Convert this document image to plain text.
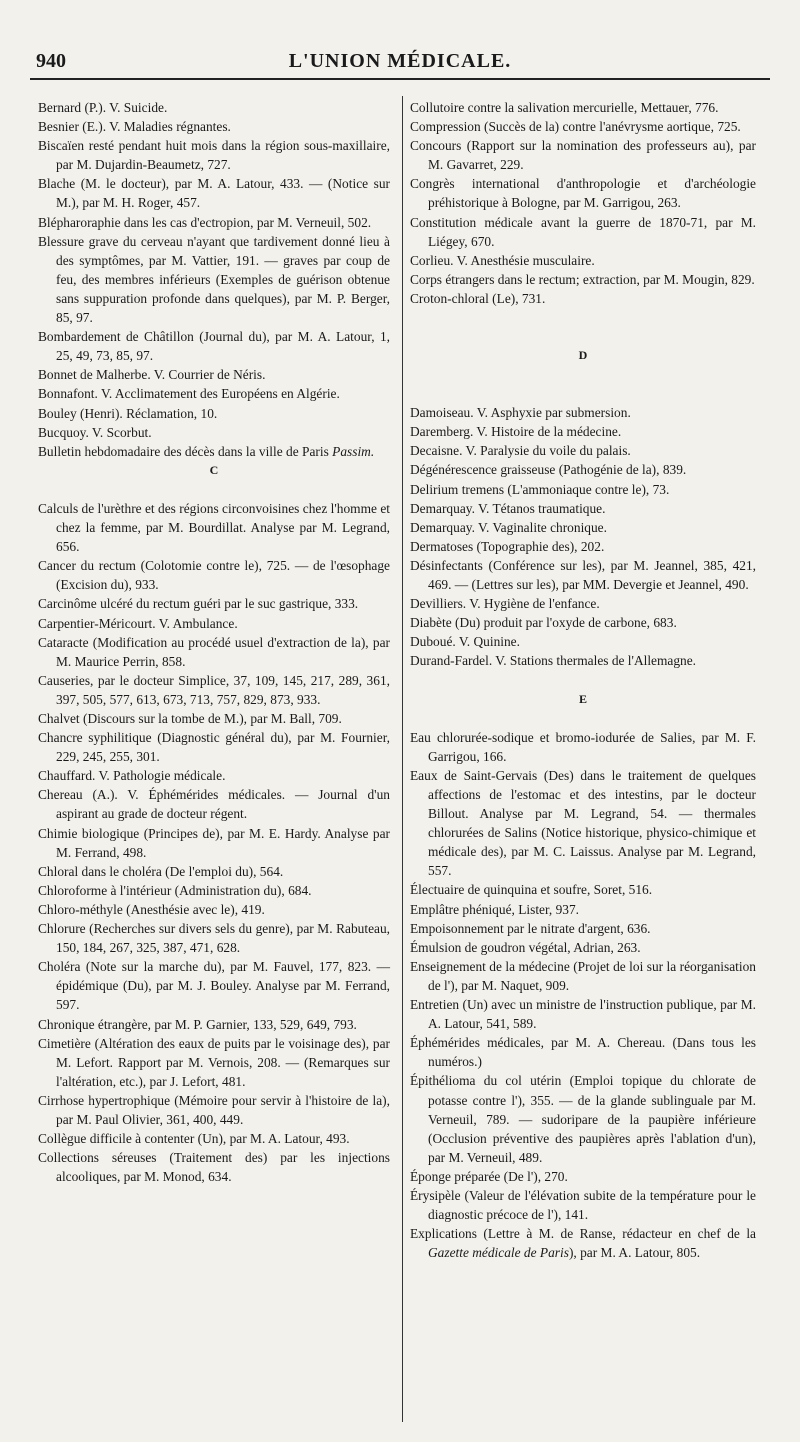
940	L'UNION MÉDICALE.

Bernard (P.). V. Suicide.

Besnier (E.). V. Maladies régnantes.

Biscaïen resté pendant huit mois dans la région sous-maxillaire, par M. Dujardin-Beaumetz, 727.

Blache (M. le docteur), par M. A. Latour, 433. — (Notice sur M.), par M. H. Roger, 457.

Blépharoraphie dans les cas d'ectropion, par M. Verneuil, 502.

Blessure grave du cerveau n'ayant que tardivement donné lieu à des symptômes, par M. Vattier, 191. — graves par coup de feu, des membres inférieurs (Exemples de guérison obtenue sans suppuration profonde dans quelques), par M. P. Berger, 85, 97.

Bombardement de Châtillon (Journal du), par M. A. Latour, 1, 25, 49, 73, 85, 97.

Bonnet de Malherbe. V. Courrier de Néris.

Bonnafont. V. Acclimatement des Européens en Algérie.

Bouley (Henri). Réclamation, 10.

Bucquoy. V. Scorbut.

Bulletin hebdomadaire des décès dans la ville de Paris Passim.

C

Calculs de l'urèthre et des régions circonvoisines chez l'homme et chez la femme, par M. Bourdillat. Analyse par M. Legrand, 656.

Cancer du rectum (Colotomie contre le), 725. — de l'œsophage (Excision du), 933.

Carcinôme ulcéré du rectum guéri par le suc gastrique, 333.

Carpentier-Méricourt. V. Ambulance.

Cataracte (Modification au procédé usuel d'extraction de la), par M. Maurice Perrin, 858.

Causeries, par le docteur Simplice, 37, 109, 145, 217, 289, 361, 397, 505, 577, 613, 673, 713, 757, 829, 873, 933.

Chalvet (Discours sur la tombe de M.), par M. Ball, 709.

Chancre syphilitique (Diagnostic général du), par M. Fournier, 229, 245, 255, 301.

Chauffard. V. Pathologie médicale.

Chereau (A.). V. Éphémérides médicales. — Journal d'un aspirant au grade de docteur régent.

Chimie biologique (Principes de), par M. E. Hardy. Analyse par M. Ferrand, 498.

Chloral dans le choléra (De l'emploi du), 564.

Chloroforme à l'intérieur (Administration du), 684.

Chloro-méthyle (Anesthésie avec le), 419.

Chlorure (Recherches sur divers sels du genre), par M. Rabuteau, 150, 184, 267, 325, 387, 471, 628.

Choléra (Note sur la marche du), par M. Fauvel, 177, 823. — épidémique (Du), par M. J. Bouley. Analyse par M. Ferrand, 597.

Chronique étrangère, par M. P. Garnier, 133, 529, 649, 793.

Cimetière (Altération des eaux de puits par le voisinage des), par M. Lefort. Rapport par M. Vernois, 208. — (Remarques sur l'altération, etc.), par J. Lefort, 481.

Cirrhose hypertrophique (Mémoire pour servir à l'histoire de la), par M. Paul Olivier, 361, 400, 449.

Collègue difficile à contenter (Un), par M. A. Latour, 493.

Collections séreuses (Traitement des) par les injections alcooliques, par M. Monod, 634.

Collutoire contre la salivation mercurielle, Mettauer, 776.

Compression (Succès de la) contre l'anévrysme aortique, 725.

Concours (Rapport sur la nomination des professeurs au), par M. Gavarret, 229.

Congrès international d'anthropologie et d'archéologie préhistorique à Bologne, par M. Garrigou, 263.

Constitution médicale avant la guerre de 1870-71, par M. Liégey, 670.

Corlieu. V. Anesthésie musculaire.

Corps étrangers dans le rectum; extraction, par M. Mougin, 829.

Croton-chloral (Le), 731.

D

Damoiseau. V. Asphyxie par submersion.

Daremberg. V. Histoire de la médecine.

Decaisne. V. Paralysie du voile du palais.

Dégénérescence graisseuse (Pathogénie de la), 839.

Delirium tremens (L'ammoniaque contre le), 73.

Demarquay. V. Tétanos traumatique.

Demarquay. V. Vaginalite chronique.

Dermatoses (Topographie des), 202.

Désinfectants (Conférence sur les), par M. Jeannel, 385, 421, 469. — (Lettres sur les), par MM. Devergie et Jeannel, 490.

Devilliers. V. Hygiène de l'enfance.

Diabète (Du) produit par l'oxyde de carbone, 683.

Duboué. V. Quinine.

Durand-Fardel. V. Stations thermales de l'Allemagne.

E

Eau chlorurée-sodique et bromo-iodurée de Salies, par M. F. Garrigou, 166.

Eaux de Saint-Gervais (Des) dans le traitement de quelques affections de l'estomac et des intestins, par le docteur Billout. Analyse par M. Legrand, 54. — thermales chlorurées de Salins (Notice historique, physico-chimique et médicale des), par M. C. Laissus. Analyse par M. Legrand, 557.

Électuaire de quinquina et soufre, Soret, 516.

Emplâtre phéniqué, Lister, 937.

Empoisonnement par le nitrate d'argent, 636.

Émulsion de goudron végétal, Adrian, 263.

Enseignement de la médecine (Projet de loi sur la réorganisation de l'), par M. Naquet, 909.

Entretien (Un) avec un ministre de l'instruction publique, par M. A. Latour, 541, 589.

Éphémérides médicales, par M. A. Chereau. (Dans tous les numéros.)

Épithélioma du col utérin (Emploi topique du chlorate de potasse contre l'), 355. — de la glande sublinguale par M. Verneuil, 789. — sudoripare de la paupière inférieure (Occlusion préventive des paupières après l'ablation d'un), par M. Verneuil, 489.

Éponge préparée (De l'), 270.

Érysipèle (Valeur de l'élévation subite de la température pour le diagnostic précoce de l'), 141.

Explications (Lettre à M. de Ranse, rédacteur en chef de la Gazette médicale de Paris), par M. A. Latour, 805.
